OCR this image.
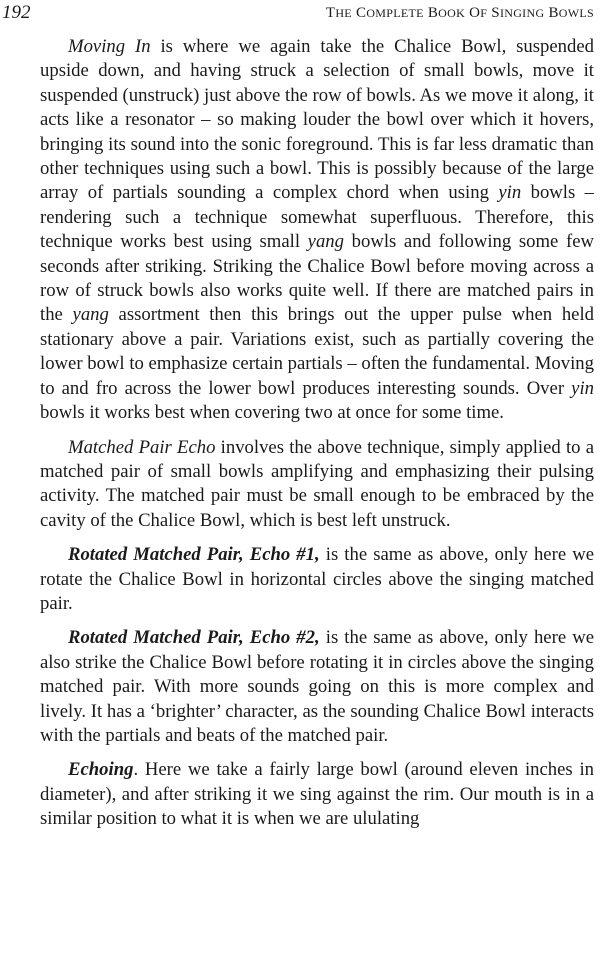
192	THE COMPLETE BOOK OF SINGING BOWLS

Moving In is where we again take the Chalice Bowl, suspended upside down, and having struck a selection of small bowls, move it suspended (unstruck) just above the row of bowls. As we move it along, it acts like a resonator – so making louder the bowl over which it hovers, bringing its sound into the sonic foreground. This is far less dramatic than other techniques using such a bowl. This is possibly because of the large array of partials sounding a complex chord when using yin bowls – rendering such a technique somewhat superfluous. Therefore, this technique works best using small yang bowls and following some few seconds after striking. Striking the Chalice Bowl before moving across a row of struck bowls also works quite well. If there are matched pairs in the yang assortment then this brings out the upper pulse when held stationary above a pair. Variations exist, such as partially covering the lower bowl to emphasize certain partials – often the fundamental. Moving to and fro across the lower bowl produces interesting sounds. Over yin bowls it works best when covering two at once for some time.

Matched Pair Echo involves the above technique, simply applied to a matched pair of small bowls amplifying and emphasizing their pulsing activity. The matched pair must be small enough to be embraced by the cavity of the Chalice Bowl, which is best left unstruck.

Rotated Matched Pair, Echo #1, is the same as above, only here we rotate the Chalice Bowl in horizontal circles above the singing matched pair.

Rotated Matched Pair, Echo #2, is the same as above, only here we also strike the Chalice Bowl before rotating it in circles above the singing matched pair. With more sounds going on this is more complex and lively. It has a ‘brighter’ character, as the sounding Chalice Bowl interacts with the partials and beats of the matched pair.

Echoing. Here we take a fairly large bowl (around eleven inches in diameter), and after striking it we sing against the rim. Our mouth is in a similar position to what it is when we are ululating
